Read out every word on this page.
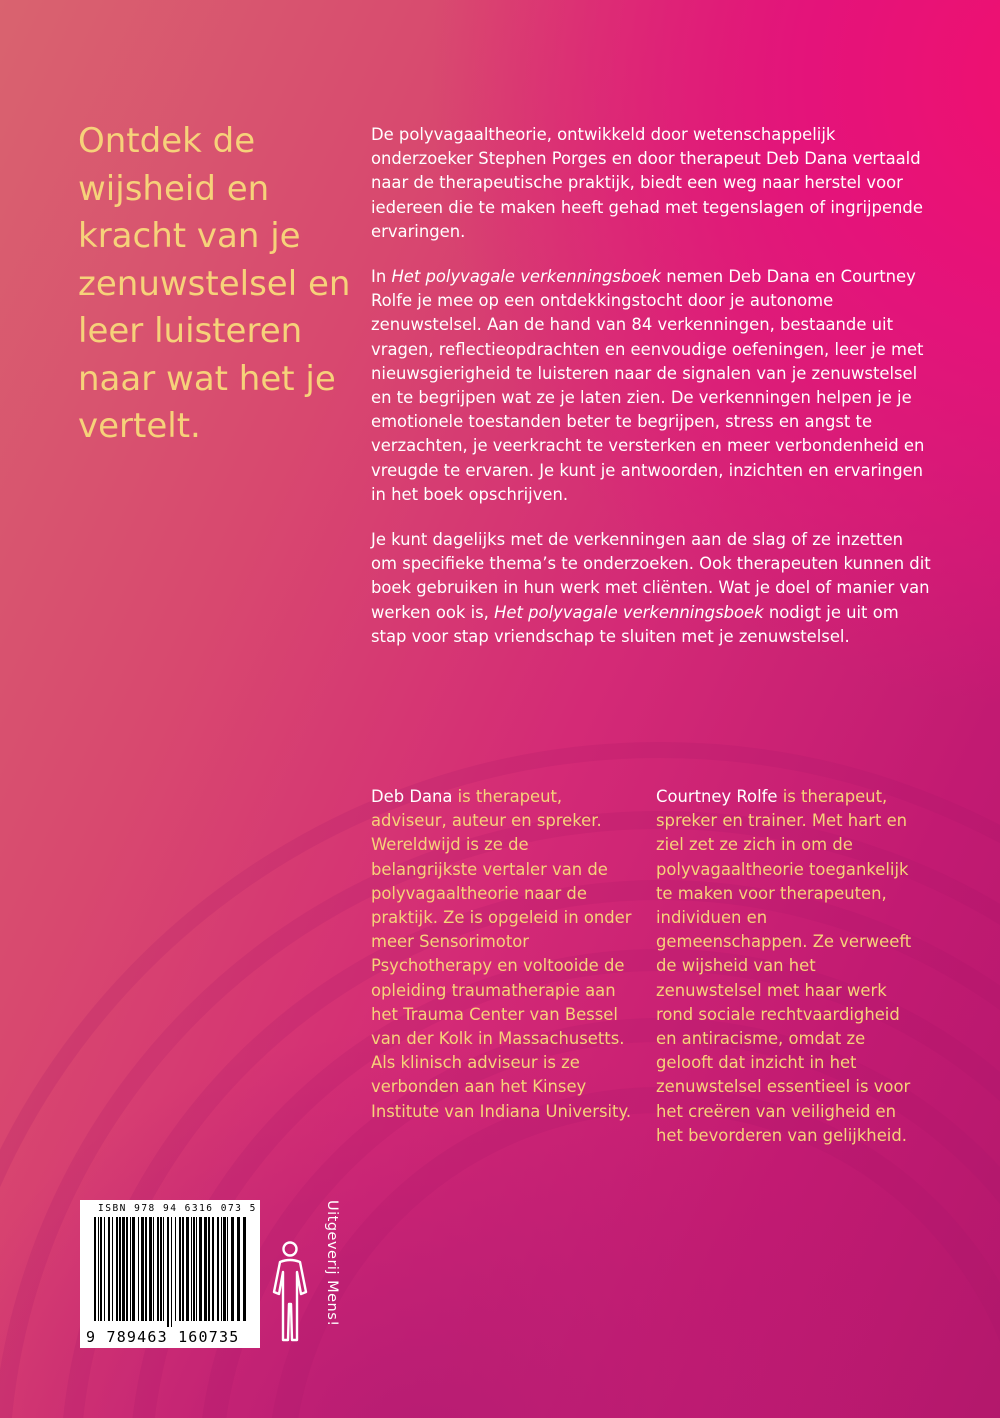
Ontdek de wijsheid en kracht van je zenuwstelsel en leer luisteren naar wat het je vertelt.

De polyvagaaltheorie, ontwikkeld door wetenschappelijk onderzoeker Stephen Porges en door therapeut Deb Dana vertaald naar de therapeutische praktijk, biedt een weg naar herstel voor iedereen die te maken heeft gehad met tegenslagen of ingrijpende ervaringen.

In Het polyvagale verkenningsboek nemen Deb Dana en Courtney Rolfe je mee op een ontdekkingstocht door je autonome zenuwstelsel. Aan de hand van 84 verkenningen, bestaande uit vragen, reflectieopdrachten en eenvoudige oefeningen, leer je met nieuwsgierigheid te luisteren naar de signalen van je zenuwstelsel en te begrijpen wat ze je laten zien. De verkenningen helpen je je emotionele toestanden beter te begrijpen, stress en angst te verzachten, je veerkracht te versterken en meer verbondenheid en vreugde te ervaren. Je kunt je antwoorden, inzichten en ervaringen in het boek opschrijven.

Je kunt dagelijks met de verkenningen aan de slag of ze inzetten om specifieke thema’s te onderzoeken. Ook therapeuten kunnen dit boek gebruiken in hun werk met cliënten. Wat je doel of manier van werken ook is, Het polyvagale verkenningsboek nodigt je uit om stap voor stap vriendschap te sluiten met je zenuwstelsel.

Deb Dana is therapeut, adviseur, auteur en spreker. Wereldwijd is ze de belangrijkste vertaler van de polyvagaaltheorie naar de praktijk. Ze is opgeleid in onder meer Sensorimotor Psychotherapy en voltooide de opleiding traumatherapie aan het Trauma Center van Bessel van der Kolk in Massachusetts. Als klinisch adviseur is ze verbonden aan het Kinsey Institute van Indiana University.

Courtney Rolfe is therapeut, spreker en trainer. Met hart en ziel zet ze zich in om de polyvagaaltheorie toegankelijk te maken voor therapeuten, individuen en gemeenschappen. Ze verweeft de wijsheid van het zenuwstelsel met haar werk rond sociale rechtvaardigheid en antiracisme, omdat ze gelooft dat inzicht in het zenuwstelsel essentieel is voor het creëren van veiligheid en het bevorderen van gelijkheid.

ISBN 978 94 6316 073 5
9 789463 160735
Uitgeverij Mens!
